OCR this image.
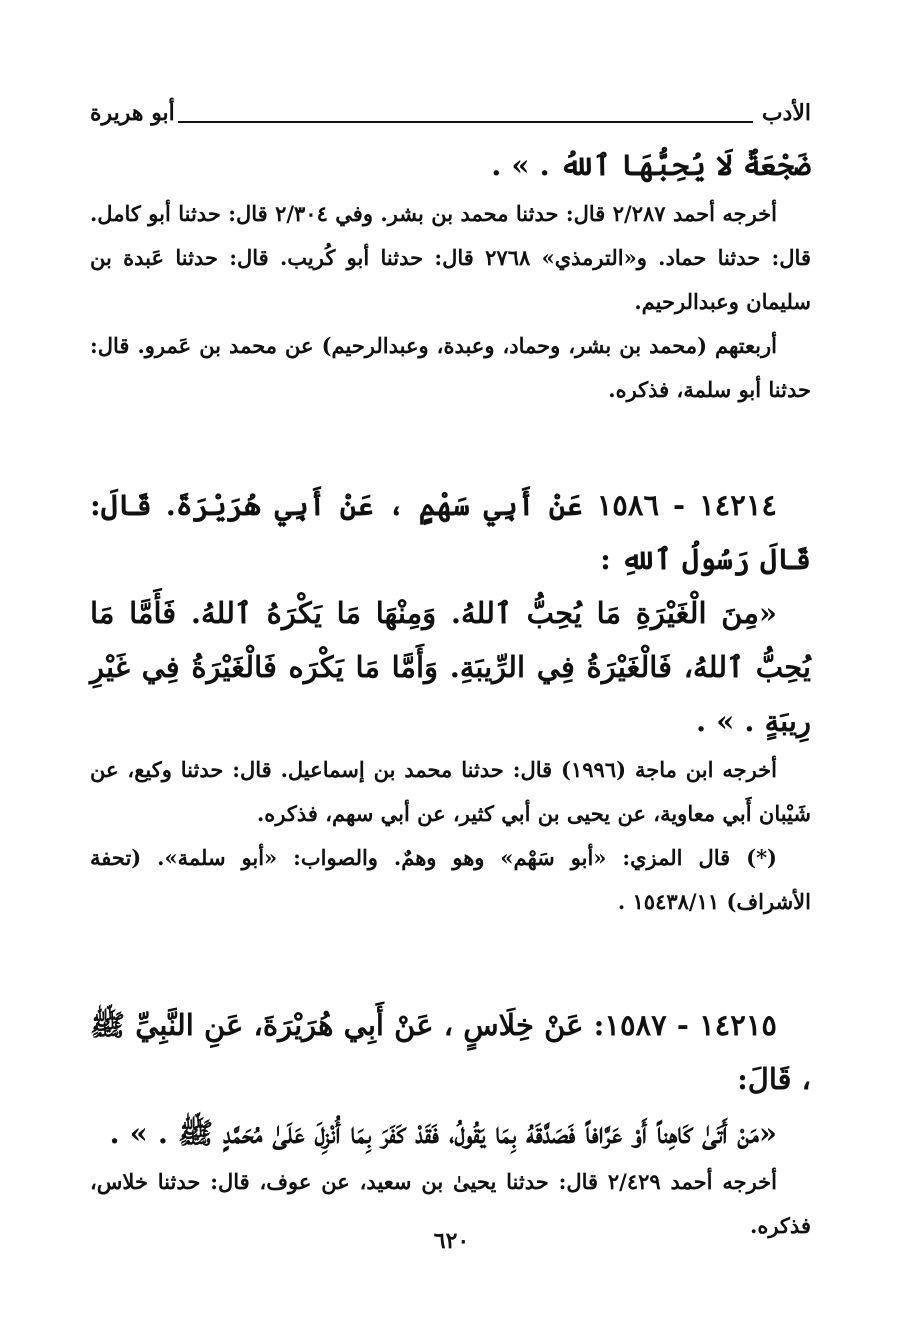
الأدب
أبو هريرة

ضَجْعَةٌ لَا يُحِبُّهَا ٱللهُ . » .

أخرجه أحمد ٢/٢٨٧ قال: حدثنا محمد بن بشر. وفي ٢/٣٠٤ قال: حدثنا أبو كامل. قال: حدثنا حماد. و«الترمذي» ٢٧٦٨ قال: حدثنا أبو كُريب. قال: حدثنا عَبدة بن سليمان وعبدالرحيم.

أربعتهم (محمد بن بشر، وحماد، وعبدة، وعبدالرحيم) عن محمد بن عَمرو. قال: حدثنا أبو سلمة، فذكره.

١٤٢١٤ - ١٥٨٦ عَنْ أَبِي سَهْمٍ ، عَنْ أَبِي هُرَيْرَةَ. قَالَ: قَالَ رَسُولُ ٱللهِ :

«مِنَ الْغَيْرَةِ مَا يُحِبُّ ٱللهُ. وَمِنْهَا مَا يَكْرَهُ ٱللهُ. فَأَمَّا مَا يُحِبُّ ٱللهُ، فَالْغَيْرَةُ فِي الرِّيبَةِ. وَأَمَّا مَا يَكْرَه فَالْغَيْرَةُ فِي غَيْرِ رِيبَةٍ . » .

أخرجه ابن ماجة (١٩٩٦) قال: حدثنا محمد بن إسماعيل. قال: حدثنا وكيع، عن شَيْبان أَبي معاوية، عن يحيى بن أبي كثير، عن أبي سهم، فذكره.

(*) قال المزي: «أبو سَهْم» وهو وهمٌ. والصواب: «أبو سلمة». (تحفة الأشراف) ١٥٤٣٨/١١ .

١٤٢١٥ - ١٥٨٧: عَنْ خِلَاسٍ ، عَنْ أَبِي هُرَيْرَةَ، عَنِ النَّبِيِّ ﷺ ، قَالَ:

«مَنْ أَتَىٰ كَاهِناً أَوْ عَرَّافاً فَصَدَّقَهُ بِمَا يَقُولُ، فَقَدْ كَفَرَ بِمَا أُنْزِلَ عَلَىٰ مُحَمَّدٍ ﷺ . » .

أخرجه أحمد ٢/٤٢٩ قال: حدثنا يحيىٰ بن سعيد، عن عوف، قال: حدثنا خلاس، فذكره.

٦٢٠
